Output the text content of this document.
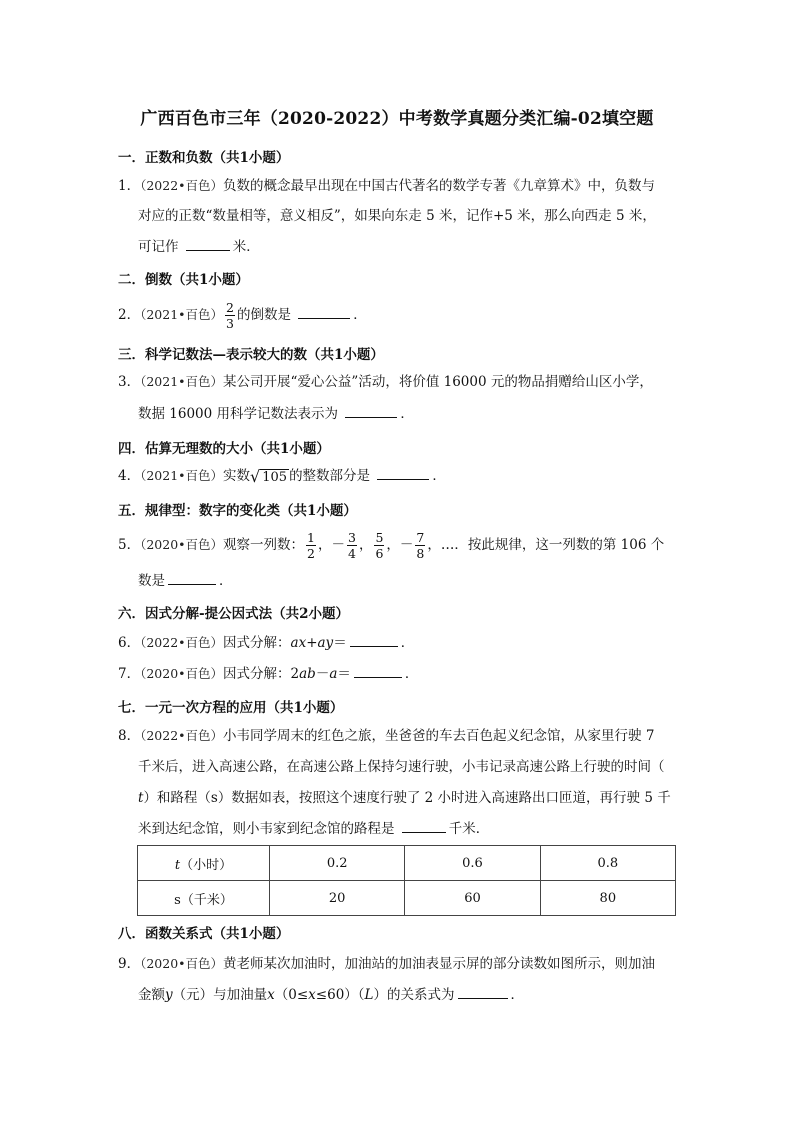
广西百色市三年（2020-2022）中考数学真题分类汇编-02填空题
一．正数和负数（共1小题）
1．（2022•百色）负数的概念最早出现在中国古代著名的数学专著《九章算术》中，负数与
对应的正数“数量相等，意义相反”，如果向东走 5 米，记作+5 米，那么向西走 5 米，
可记作	米．
二．倒数（共1小题）
2．（2021•百色） $\frac{2}{3}$ 的倒数是	．
三．科学记数法—表示较大的数（共1小题）
3．（2021•百色）某公司开展“爱心公益”活动，将价值 16000 元的物品捐赠给山区小学，
数据 16000 用科学记数法表示为	．
四．估算无理数的大小（共1小题）
4．（2021•百色）实数 √ 105 的整数部分是	．
五．规律型：数字的变化类（共1小题）
5．（2020•百色）观察一列数： $\frac{1}{2}$ ，－ $\frac{3}{4}$ ， $\frac{5}{6}$ ，－ $\frac{7}{8}$ ，…．按此规律，这一列数的第 106 个
数是	．
六．因式分解-提公因式法（共2小题）
6．（2022•百色）因式分解：ax+ay＝	．
7．（2020•百色）因式分解：2ab－a＝	．
七．一元一次方程的应用（共1小题）
8．（2022•百色）小韦同学周末的红色之旅，坐爸爸的车去百色起义纪念馆，从家里行驶 7
千米后，进入高速公路，在高速公路上保持匀速行驶，小韦记录高速公路上行驶的时间（
t）和路程（s）数据如表，按照这个速度行驶了 2 小时进入高速路出口匝道，再行驶 5 千
米到达纪念馆，则小韦家到纪念馆的路程是	千米．
t（小时）	0.2	0.6	0.8
s（千米）	20	60	80
八．函数关系式（共1小题）
9．（2020•百色）黄老师某次加油时，加油站的加油表显示屏的部分读数如图所示，则加油
金额y（元）与加油量x（0≤x≤60）（L）的关系式为	．
